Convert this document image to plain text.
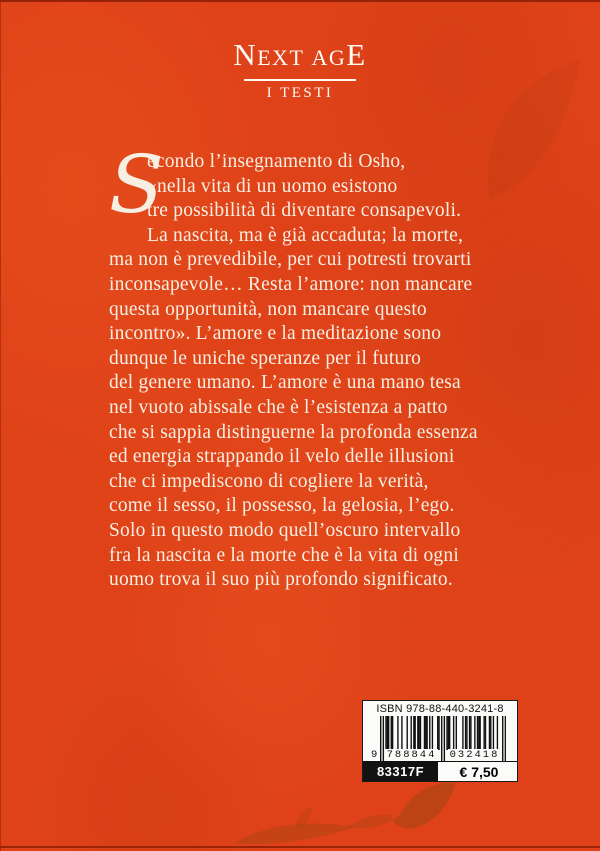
NEXT AGE
I TESTI
S
econdo l’insegnamento di Osho,
«nella vita di un uomo esistono
tre possibilità di diventare consapevoli.
La nascita, ma è già accaduta; la morte,
ma non è prevedibile, per cui potresti trovarti
inconsapevole… Resta l’amore: non mancare
questa opportunità, non mancare questo
incontro». L’amore e la meditazione sono
dunque le uniche speranze per il futuro
del genere umano. L’amore è una mano tesa
nel vuoto abissale che è l’esistenza a patto
che si sappia distinguerne la profonda essenza
ed energia strappando il velo delle illusioni
che ci impediscono di cogliere la verità,
come il sesso, il possesso, la gelosia, l’ego.
Solo in questo modo quell’oscuro intervallo
fra la nascita e la morte che è la vita di ogni
uomo trova il suo più profondo significato.
ISBN 978-88-440-3241-8
9 788844 032418
83317F	€ 7,50
